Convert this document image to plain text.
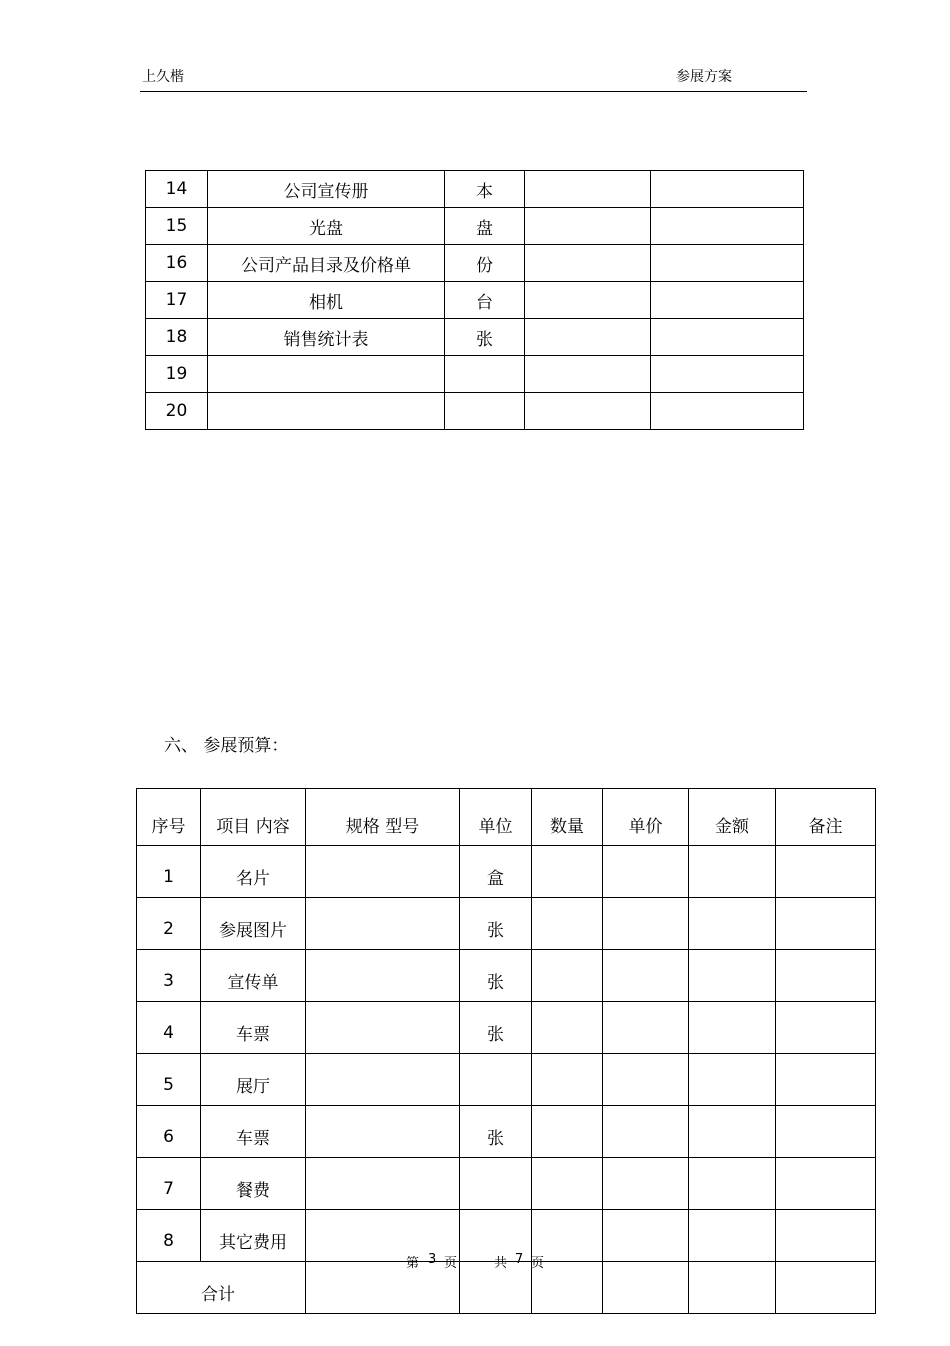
上久楷	参展方案
14	公司宣传册	本		
15	光盘	盘		
16	公司产品目录及价格单	份		
17	相机	台		
18	销售统计表	张		
19				
20				
六、 参展预算：
序号	项目 内容	规格 型号	单位	数量	单价	金额	备注
1	名片		盒				
2	参展图片		张				
3	宣传单		张				
4	车票		张				
5	展厅						
6	车票		张				
7	餐费						
8	其它费用						
合计							
第 3 页	共 7 页
